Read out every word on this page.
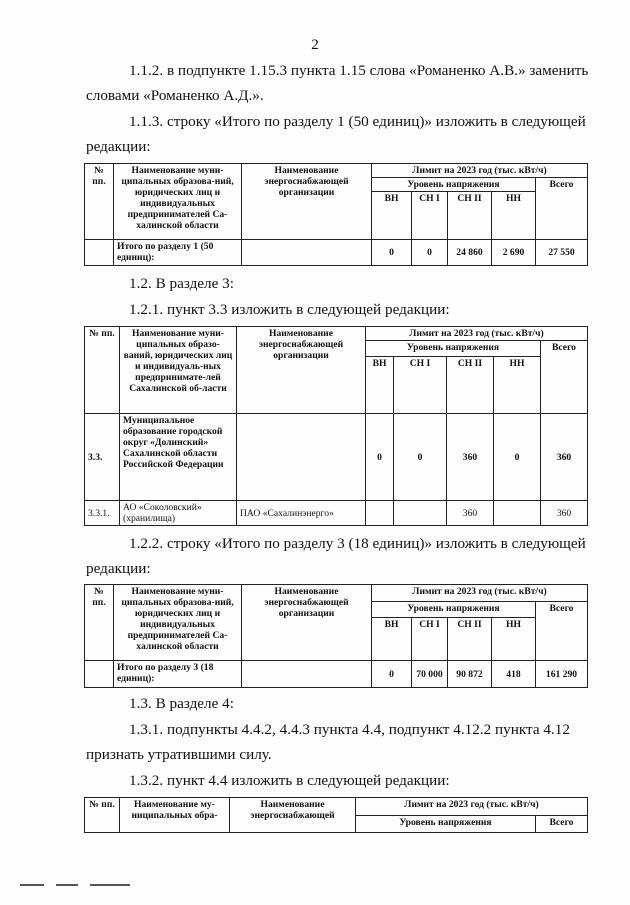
2
1.1.2. в подпункте 1.15.3 пункта 1.15 слова «Романенко А.В.» заменить
словами «Романенко А.Д.».
1.1.3. строку «Итого по разделу 1 (50 единиц)» изложить в следующей
редакции:
№ пп.	Наименование муни-ципальных образова-ний, юридических лиц и индивидуальных предпринимателей Са-халинской области	Наименование энергоснабжающей организации	Лимит на 2023 год (тыс. кВт/ч)				
			Уровень напряжения				Всего
			ВН	СН I	СН II	НН	
	Итого по разделу 1 (50 единиц):		0	0	24 860	2 690	27 550
1.2. В разделе 3:
1.2.1. пункт 3.3 изложить в следующей редакции:
№ пп.	Наименование муни-ципальных образо-ваний, юридических лиц и индивидуаль-ных предпринимате-лей Сахалинской об-ласти	Наименование энергоснабжающей организации	Лимит на 2023 год (тыс. кВт/ч)				
			Уровень напряжения				Всего
			ВН	СН I	СН II	НН	
3.3.	Муниципальное образование городской округ «Долинский» Сахалинской области Российской Федерации		0	0	360	0	360
3.3.1.	АО «Соколовский» (хранилища)	ПАО «Сахалинэнерго»			360		360
1.2.2. строку «Итого по разделу 3 (18 единиц)» изложить в следующей
редакции:
№ пп.	Наименование муни-ципальных образова-ний, юридических лиц и индивидуальных предпринимателей Са-халинской области	Наименование энергоснабжающей организации	Лимит на 2023 год (тыс. кВт/ч)				
			Уровень напряжения				Всего
			ВН	СН I	СН II	НН	
	Итого по разделу 3 (18 единиц):		0	70 000	90 872	418	161 290
1.3. В разделе 4:
1.3.1. подпункты 4.4.2, 4.4.3 пункта 4.4, подпункт 4.12.2 пункта 4.12
признать утратившими силу.
1.3.2. пункт 4.4 изложить в следующей редакции:
№ пп.	Наименование му-ниципальных обра-	Наименование энергоснабжающей	Лимит на 2023 год (тыс. кВт/ч)	
			Уровень напряжения	Всего
